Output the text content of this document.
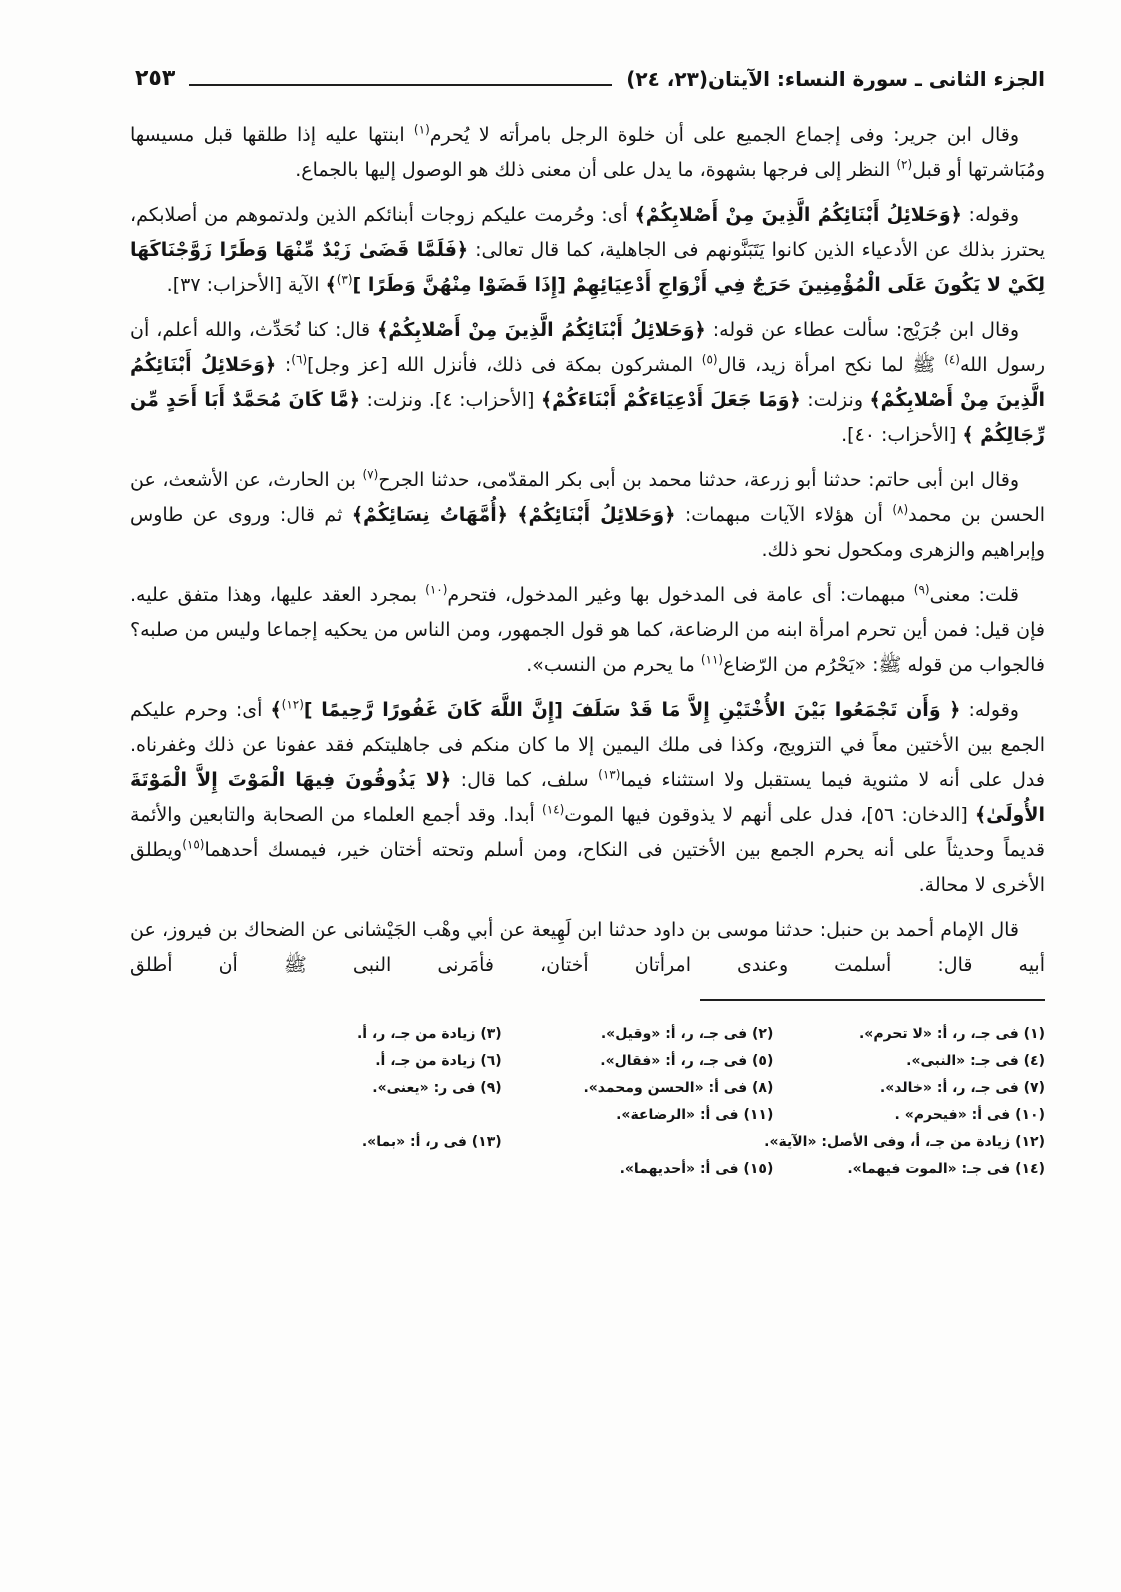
الجزء الثانى ـ سورة النساء: الآيتان(٢٣، ٢٤)
٢٥٣

وقال ابن جرير: وفى إجماع الجميع على أن خلوة الرجل بامرأته لا يُحرم$^{(١)}$ ابنتها عليه إذا طلقها قبل مسيسها ومُبَاشرتها أو قبل$^{(٢)}$ النظر إلى فرجها بشهوة، ما يدل على أن معنى ذلك هو الوصول إليها بالجماع.

وقوله: ﴿وَحَلائِلُ أَبْنَائِكُمُ الَّذِينَ مِنْ أَصْلابِكُمْ﴾ أى: وحُرمت عليكم زوجات أبنائكم الذين ولدتموهم من أصلابكم، يحترز بذلك عن الأدعياء الذين كانوا يَتَبَنَّونهم فى الجاهلية، كما قال تعالى: ﴿فَلَمَّا قَضَىٰ زَيْدٌ مِّنْهَا وَطَرًا زَوَّجْنَاكَهَا لِكَيْ لا يَكُونَ عَلَى الْمُؤْمِنِينَ حَرَجٌ فِي أَزْوَاجِ أَدْعِيَائِهِمْ [إِذَا قَضَوْا مِنْهُنَّ وَطَرًا ]$^{(٣)}$﴾ الآية [الأحزاب: ٣٧].

وقال ابن جُرَيْج: سألت عطاء عن قوله: ﴿وَحَلائِلُ أَبْنَائِكُمُ الَّذِينَ مِنْ أَصْلابِكُمْ﴾ قال: كنا نُحَدِّث، والله أعلم، أن رسول الله$^{(٤)}$ ﷺ لما نكح امرأة زيد، قال$^{(٥)}$ المشركون بمكة فى ذلك، فأنزل الله [عز وجل]$^{(٦)}$: ﴿وَحَلائِلُ أَبْنَائِكُمُ الَّذِينَ مِنْ أَصْلابِكُمْ﴾ ونزلت: ﴿وَمَا جَعَلَ أَدْعِيَاءَكُمْ أَبْنَاءَكُمْ﴾ [الأحزاب: ٤]. ونزلت: ﴿مَّا كَانَ مُحَمَّدٌ أَبَا أَحَدٍ مِّن رِّجَالِكُمْ ﴾ [الأحزاب: ٤٠].

وقال ابن أبى حاتم: حدثنا أبو زرعة، حدثنا محمد بن أبى بكر المقدّمى، حدثنا الجرح$^{(٧)}$ بن الحارث، عن الأشعث، عن الحسن بن محمد$^{(٨)}$ أن هؤلاء الآيات مبهمات: ﴿وَحَلائِلُ أَبْنَائِكُمْ﴾ ﴿أُمَّهَاتُ نِسَائِكُمْ﴾ ثم قال: وروى عن طاوس وإبراهيم والزهرى ومكحول نحو ذلك.

قلت: معنى$^{(٩)}$ مبهمات: أى عامة فى المدخول بها وغير المدخول، فتحرم$^{(١٠)}$ بمجرد العقد عليها، وهذا متفق عليه. فإن قيل: فمن أين تحرم امرأة ابنه من الرضاعة، كما هو قول الجمهور، ومن الناس من يحكيه إجماعا وليس من صلبه؟ فالجواب من قوله ﷺ: «يَحْرُم من الرّضاع$^{(١١)}$ ما يحرم من النسب».

وقوله: ﴿ وَأَن تَجْمَعُوا بَيْنَ الأُخْتَيْنِ إِلاَّ مَا قَدْ سَلَفَ [إِنَّ اللَّهَ كَانَ غَفُورًا رَّحِيمًا ]$^{(١٢)}$﴾ أى: وحرم عليكم الجمع بين الأختين معاً في التزويج، وكذا فى ملك اليمين إلا ما كان منكم فى جاهليتكم فقد عفونا عن ذلك وغفرناه. فدل على أنه لا مثنوية فيما يستقبل ولا استثناء فيما$^{(١٣)}$ سلف، كما قال: ﴿لا يَذُوقُونَ فِيهَا الْمَوْتَ إِلاَّ الْمَوْتَةَ الأُولَىٰ﴾ [الدخان: ٥٦]، فدل على أنهم لا يذوقون فيها الموت$^{(١٤)}$ أبدا. وقد أجمع العلماء من الصحابة والتابعين والأئمة قديماً وحديثاً على أنه يحرم الجمع بين الأختين فى النكاح، ومن أسلم وتحته أختان خير، فيمسك أحدهما$^{(١٥)}$ويطلق الأخرى لا محالة.

قال الإمام أحمد بن حنبل: حدثنا موسى بن داود حدثنا ابن لَهِيعة عن أبي وهْب الجَيْشانى عن الضحاك بن فيروز، عن أبيه قال: أسلمت وعندى امرأتان أختان، فأمَرنى النبى ﷺ أن أطلق

(١) فى جـ، ر، أ: «لا تحرم».
(٢) فى جـ، ر، أ: «وقيل».
(٣) زيادة من جـ، ر، أ.
(٤) فى جـ: «النبى».
(٥) فى جـ، ر، أ: «فقال».
(٦) زيادة من جـ، أ.
(٧) فى جـ، ر، أ: «خالد».
(٨) فى أ: «الحسن ومحمد».
(٩) فى ر: «يعنى».
(١٠) فى أ: «فيحرم» .
(١١) فى أ: «الرضاعة».
(١٢) زيادة من جـ، أ، وفى الأصل: «الآية».
(١٣) فى ر، أ: «بما».
(١٤) فى جـ: «الموت فيهما».
(١٥) فى أ: «أحديهما».
